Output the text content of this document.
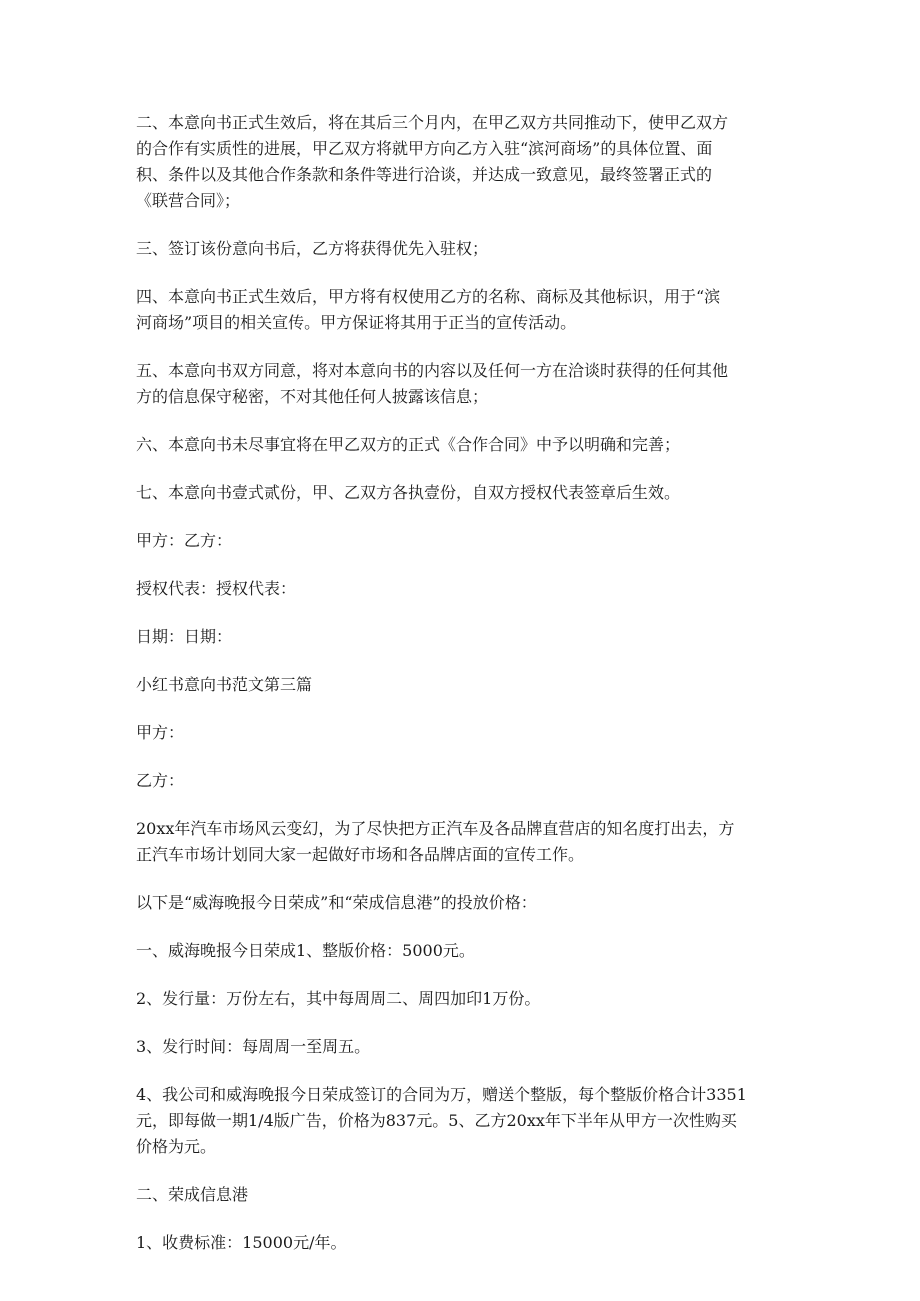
二、本意向书正式生效后，将在其后三个月内，在甲乙双方共同推动下，使甲乙双方
的合作有实质性的进展，甲乙双方将就甲方向乙方入驻“滨河商场”的具体位置、面
积、条件以及其他合作条款和条件等进行洽谈，并达成一致意见，最终签署正式的
《联营合同》；
三、签订该份意向书后，乙方将获得优先入驻权；
四、本意向书正式生效后，甲方将有权使用乙方的名称、商标及其他标识，用于“滨
河商场”项目的相关宣传。甲方保证将其用于正当的宣传活动。
五、本意向书双方同意，将对本意向书的内容以及任何一方在洽谈时获得的任何其他
方的信息保守秘密，不对其他任何人披露该信息；
六、本意向书未尽事宜将在甲乙双方的正式《合作合同》中予以明确和完善；
七、本意向书壹式贰份，甲、乙双方各执壹份，自双方授权代表签章后生效。
甲方：乙方：
授权代表：授权代表：
日期：日期：
小红书意向书范文第三篇
甲方：
乙方：
20xx年汽车市场风云变幻，为了尽快把方正汽车及各品牌直营店的知名度打出去，方
正汽车市场计划同大家一起做好市场和各品牌店面的宣传工作。
以下是“威海晚报今日荣成”和“荣成信息港”的投放价格：
一、威海晚报今日荣成1、整版价格：5000元。
2、发行量：万份左右，其中每周周二、周四加印1万份。
3、发行时间：每周周一至周五。
4、我公司和威海晚报今日荣成签订的合同为万，赠送个整版，每个整版价格合计3351
元，即每做一期1/4版广告，价格为837元。5、乙方20xx年下半年从甲方一次性购买
价格为元。
二、荣成信息港
1、收费标准：15000元/年。
